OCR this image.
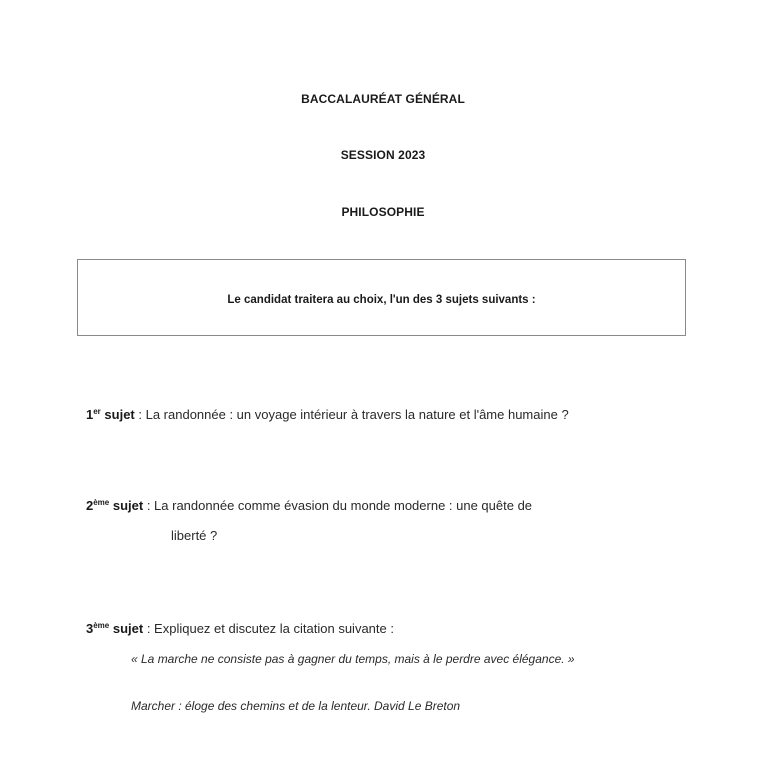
BACCALAURÉAT GÉNÉRAL
SESSION 2023
PHILOSOPHIE
Le candidat traitera au choix, l'un des 3 sujets suivants :
1er sujet : La randonnée : un voyage intérieur à travers la nature et l'âme humaine ?
2ème sujet : La randonnée comme évasion du monde moderne : une quête de
liberté ?
3ème sujet : Expliquez et discutez la citation suivante :
« La marche ne consiste pas à gagner du temps, mais à le perdre avec élégance. »
Marcher : éloge des chemins et de la lenteur. David Le Breton
